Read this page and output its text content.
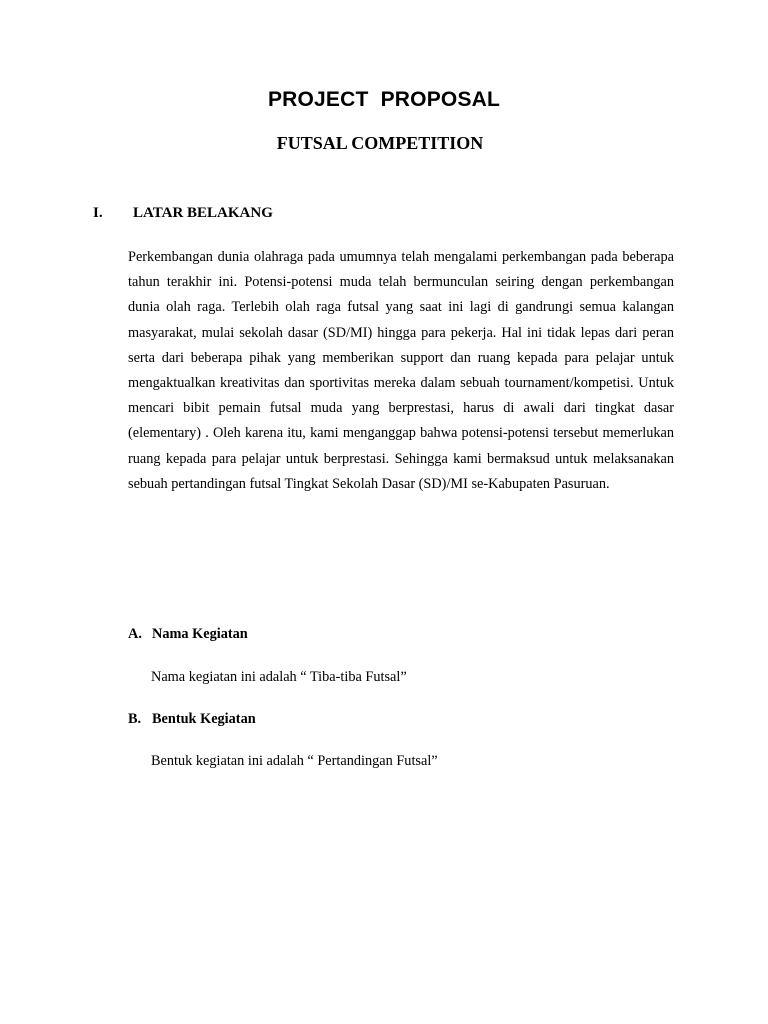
PROJECT  PROPOSAL
FUTSAL COMPETITION
I. LATAR BELAKANG
Perkembangan dunia olahraga pada umumnya telah mengalami perkembangan pada beberapa tahun terakhir ini. Potensi-potensi muda telah bermunculan seiring dengan perkembangan dunia olah raga. Terlebih olah raga futsal yang saat ini lagi di gandrungi semua kalangan masyarakat, mulai sekolah dasar (SD/MI) hingga para pekerja. Hal ini tidak lepas dari peran serta dari beberapa pihak yang memberikan support dan ruang kepada para pelajar untuk mengaktualkan kreativitas dan sportivitas mereka dalam sebuah tournament/kompetisi. Untuk mencari bibit pemain futsal muda yang berprestasi, harus di awali dari tingkat dasar (elementary) . Oleh karena itu, kami menganggap bahwa potensi-potensi tersebut memerlukan ruang kepada para pelajar untuk berprestasi. Sehingga kami bermaksud untuk melaksanakan sebuah pertandingan futsal Tingkat Sekolah Dasar (SD)/MI se-Kabupaten Pasuruan.
A. Nama Kegiatan
Nama kegiatan ini adalah “ Tiba-tiba Futsal”
B. Bentuk Kegiatan
Bentuk kegiatan ini adalah “ Pertandingan Futsal”
